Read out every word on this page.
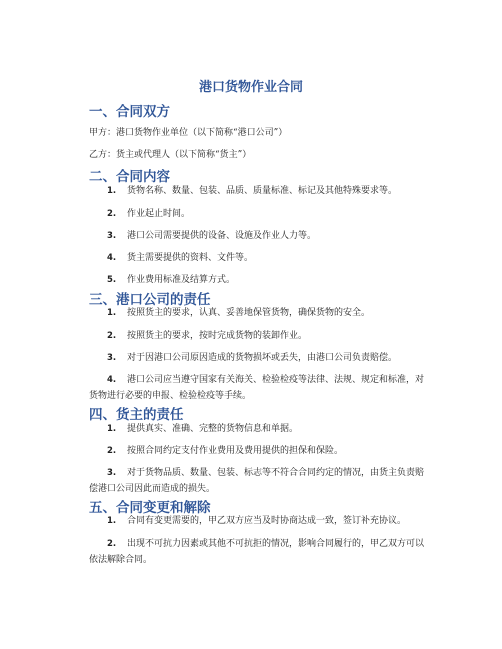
港口货物作业合同
一、合同双方
甲方：港口货物作业单位（以下简称“港口公司”）
乙方：货主或代理人（以下简称“货主”）
二、合同内容
1. 货物名称、数量、包装、品质、质量标准、标记及其他特殊要求等。
2. 作业起止时间。
3. 港口公司需要提供的设备、设施及作业人力等。
4. 货主需要提供的资料、文件等。
5. 作业费用标准及结算方式。
三、港口公司的责任
1. 按照货主的要求，认真、妥善地保管货物，确保货物的安全。
2. 按照货主的要求，按时完成货物的装卸作业。
3. 对于因港口公司原因造成的货物损坏或丢失，由港口公司负责赔偿。
4. 港口公司应当遵守国家有关海关、检验检疫等法律、法规、规定和标准，对货物进行必要的申报、检验检疫等手续。
四、货主的责任
1. 提供真实、准确、完整的货物信息和单据。
2. 按照合同约定支付作业费用及费用提供的担保和保险。
3. 对于货物品质、数量、包装、标志等不符合合同约定的情况，由货主负责赔偿港口公司因此而造成的损失。
五、合同变更和解除
1. 合同有变更需要的，甲乙双方应当及时协商达成一致，签订补充协议。
2. 出现不可抗力因素或其他不可抗拒的情况，影响合同履行的，甲乙双方可以依法解除合同。
